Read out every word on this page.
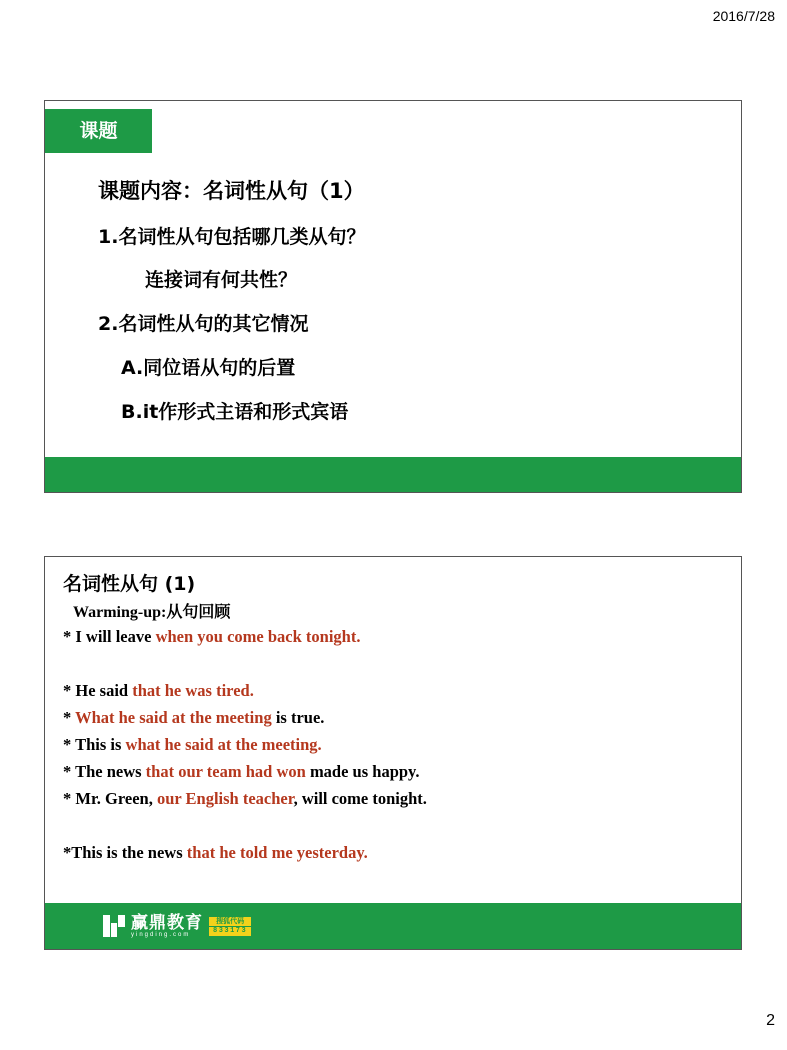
2016/7/28
课题
课题内容：名词性从句（1）
1.名词性从句包括哪几类从句？
连接词有何共性？
2.名词性从句的其它情况
A.同位语从句的后置
B.it作形式主语和形式宾语
名词性从句 (1)
Warming-up:从句回顾
* I will leave when you come back tonight.
* He said that he was tired.
* What he said at the meeting is true.
* This is what he said at the meeting.
* The news that our team had won made us happy.
* Mr. Green, our English teacher, will come tonight.
*This is the news that he told me yesterday.
赢鼎教育
yingding.com
搜狐代码
833173
2
